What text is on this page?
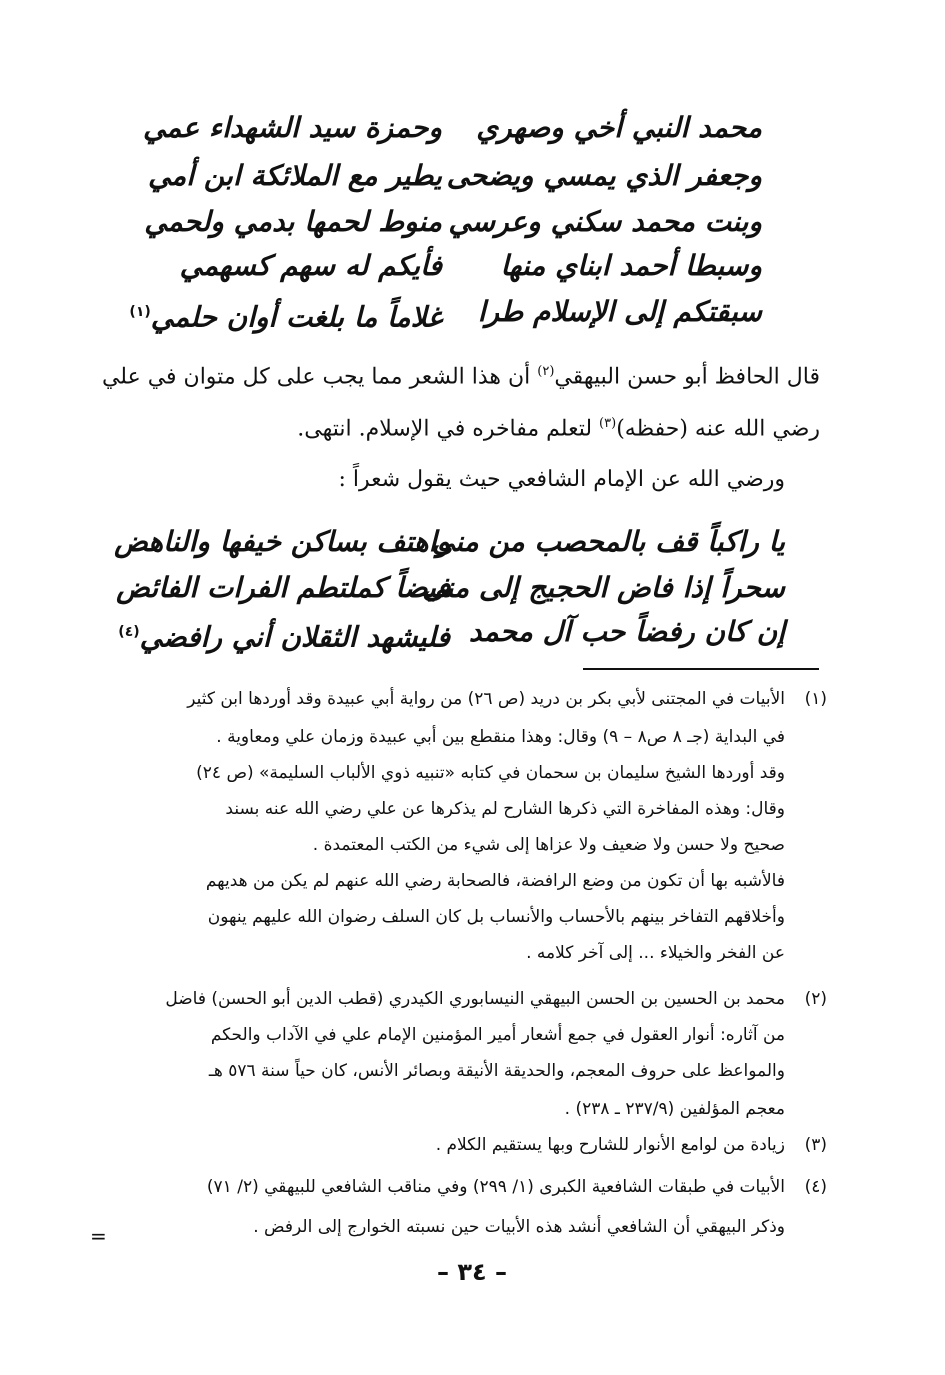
محمد النبي أخي وصهري
وحمزة سيد الشهداء عمي
وجعفر الذي يمسي ويضحى
يطير مع الملائكة ابن أمي
وبنت محمد سكني وعرسي
منوط لحمها بدمي ولحمي
وسبطا أحمد ابناي منها
فأيكم له سهم كسهمي
سبقتكم إلى الإسلام طرا
غلاماً ما بلغت أوان حلمي$^{(١)}$
قال الحافظ أبو حسن البيهقي$^{(٢)}$ أن هذا الشعر مما يجب على كل متوان في علي
رضي الله عنه (حفظه)$^{(٣)}$ لتعلم مفاخره في الإسلام. انتهى.
ورضي الله عن الإمام الشافعي حيث يقول شعراً :
يا راكباً قف بالمحصب من منى
واهتف بساكن خيفها والناهض
سحراً إذا فاض الحجيج إلى منى
فيضاً كملتطم الفرات الفائض
إن كان رفضاً حب آل محمد
فليشهد الثقلان أني رافضي$^{(٤)}$
(١)
الأبيات في المجتنى لأبي بكر بن دريد (ص ٢٦) من رواية أبي عبيدة وقد أوردها ابن كثير
في البداية (جـ ٨ ص٨ – ٩) وقال: وهذا منقطع بين أبي عبيدة وزمان علي ومعاوية .
وقد أوردها الشيخ سليمان بن سحمان في كتابه «تنبيه ذوي الألباب السليمة» (ص ٢٤)
وقال: وهذه المفاخرة التي ذكرها الشارح لم يذكرها عن علي رضي الله عنه بسند
صحيح ولا حسن ولا ضعيف ولا عزاها إلى شيء من الكتب المعتمدة .
فالأشبه بها أن تكون من وضع الرافضة، فالصحابة رضي الله عنهم لم يكن من هديهم
وأخلاقهم التفاخر بينهم بالأحساب والأنساب بل كان السلف رضوان الله عليهم ينهون
عن الفخر والخيلاء ... إلى آخر كلامه .
(٢)
محمد بن الحسين بن الحسن البيهقي النيسابوري الكيدري (قطب الدين أبو الحسن) فاضل
من آثاره: أنوار العقول في جمع أشعار أمير المؤمنين الإمام علي في الآداب والحكم
والمواعظ على حروف المعجم، والحديقة الأنيقة وبصائر الأنس، كان حياً سنة ٥٧٦ هـ
معجم المؤلفين (٢٣٧/٩ ـ ٢٣٨) .
(٣)
زيادة من لوامع الأنوار للشارح وبها يستقيم الكلام .
(٤)
الأبيات في طبقات الشافعية الكبرى (١/ ٢٩٩) وفي مناقب الشافعي للبيهقي (٢/ ٧١)
وذكر البيهقي أن الشافعي أنشد هذه الأبيات حين نسبته الخوارج إلى الرفض .
=
– ٣٤ –
